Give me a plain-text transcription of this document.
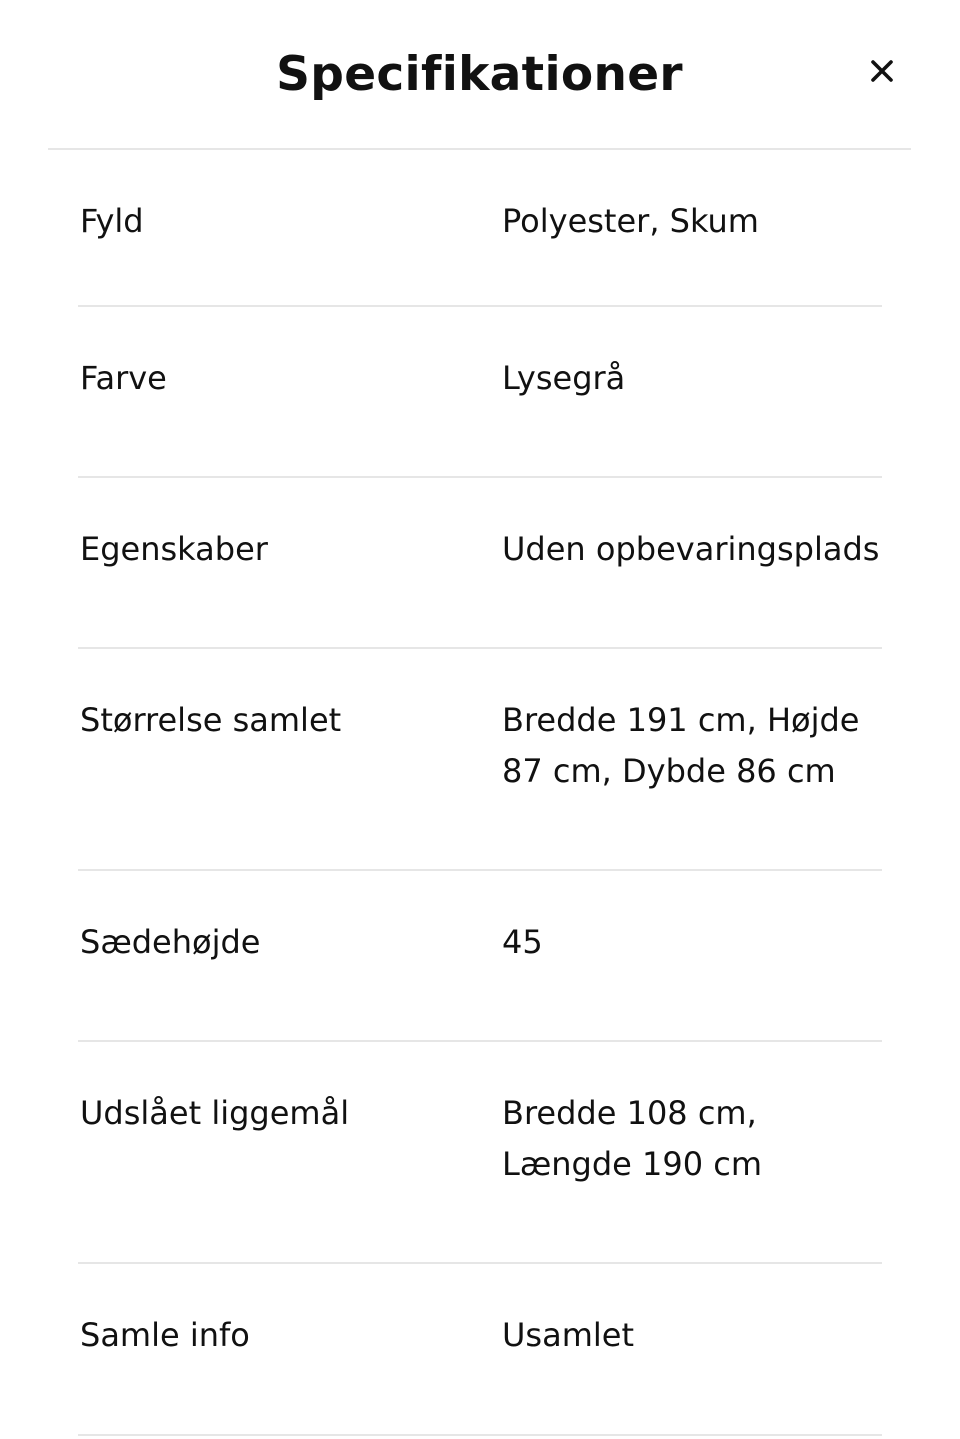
Specifikationer
Fyld	Polyester, Skum
Farve	Lysegrå
Egenskaber	Uden opbevaringsplads
Størrelse samlet	Bredde 191 cm, Højde 87 cm, Dybde 86 cm
Sædehøjde	45
Udslået liggemål	Bredde 108 cm, Længde 190 cm
Samle info	Usamlet
